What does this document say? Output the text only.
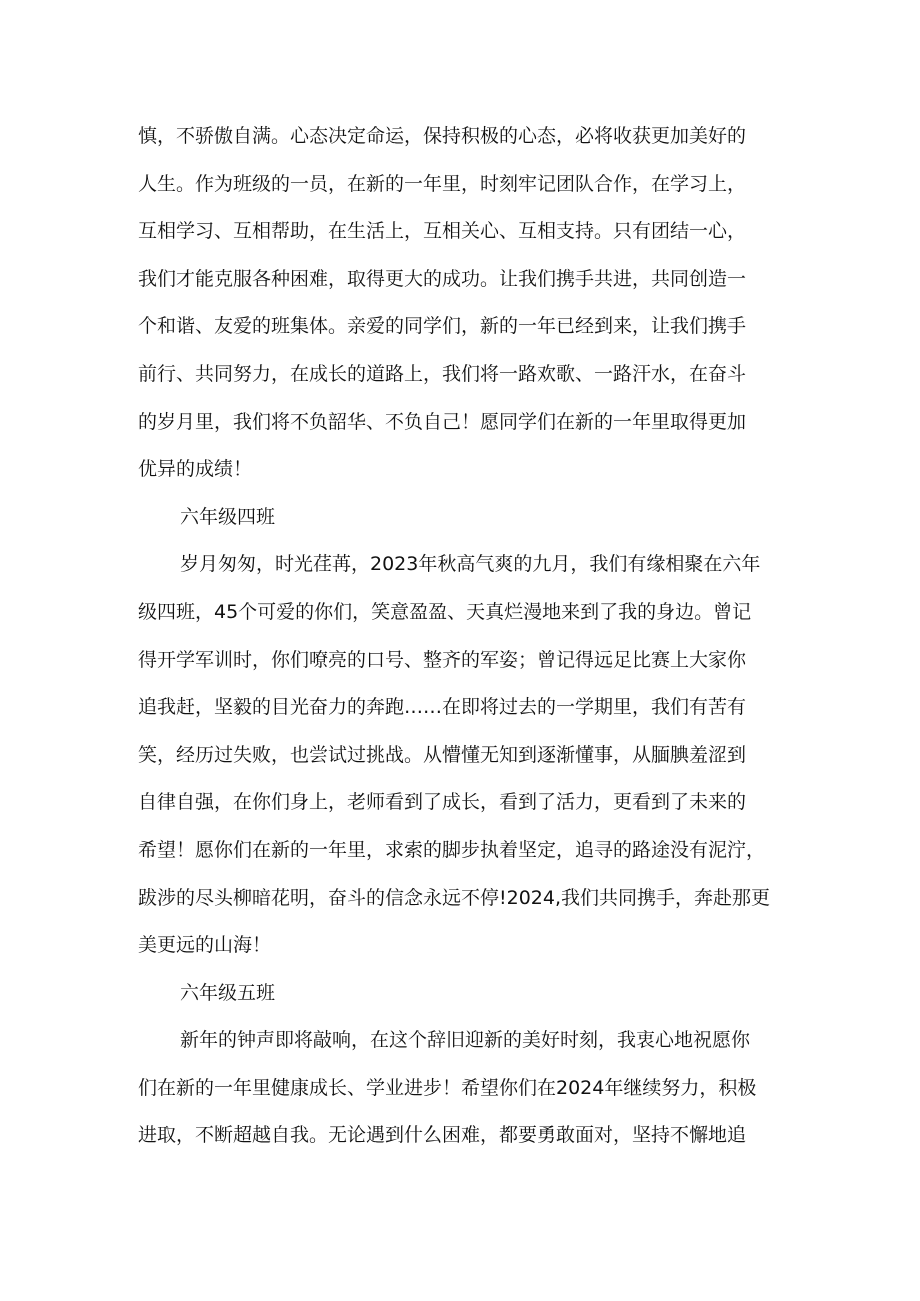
慎，不骄傲自满。心态决定命运，保持积极的心态，必将收获更加美好的
人生。作为班级的一员，在新的一年里，时刻牢记团队合作，在学习上，
互相学习、互相帮助，在生活上，互相关心、互相支持。只有团结一心，
我们才能克服各种困难，取得更大的成功。让我们携手共进，共同创造一
个和谐、友爱的班集体。亲爱的同学们，新的一年已经到来，让我们携手
前行、共同努力，在成长的道路上，我们将一路欢歌、一路汗水，在奋斗
的岁月里，我们将不负韶华、不负自己！愿同学们在新的一年里取得更加
优异的成绩！
六年级四班
岁月匆匆，时光荏苒，2023年秋高气爽的九月，我们有缘相聚在六年
级四班，45个可爱的你们，笑意盈盈、天真烂漫地来到了我的身边。曾记
得开学军训时，你们嘹亮的口号、整齐的军姿；曾记得远足比赛上大家你
追我赶，坚毅的目光奋力的奔跑……在即将过去的一学期里，我们有苦有
笑，经历过失败，也尝试过挑战。从懵懂无知到逐渐懂事，从腼腆羞涩到
自律自强，在你们身上，老师看到了成长，看到了活力，更看到了未来的
希望！愿你们在新的一年里，求索的脚步执着坚定，追寻的路途没有泥泞，
跋涉的尽头柳暗花明，奋斗的信念永远不停!2024,我们共同携手，奔赴那更
美更远的山海！
六年级五班
新年的钟声即将敲响，在这个辞旧迎新的美好时刻，我衷心地祝愿你
们在新的一年里健康成长、学业进步！希望你们在2024年继续努力，积极
进取，不断超越自我。无论遇到什么困难，都要勇敢面对，坚持不懈地追
